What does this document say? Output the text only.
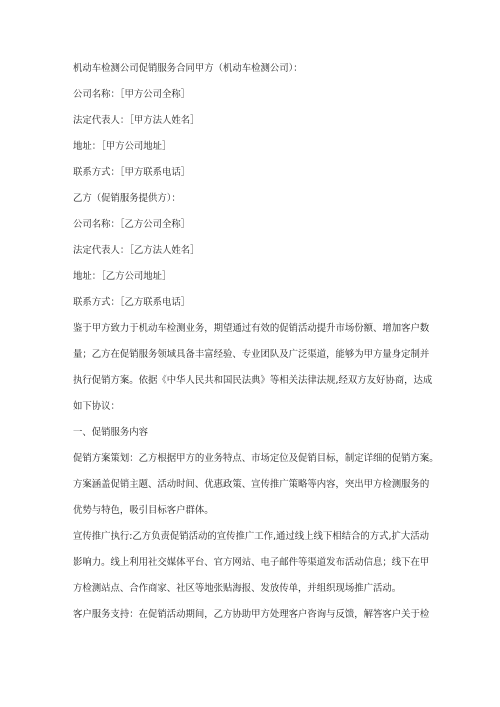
机动车检测公司促销服务合同甲方（机动车检测公司）：

公司名称：［甲方公司全称］

法定代表人：［甲方法人姓名］

地址：［甲方公司地址］

联系方式：［甲方联系电话］

乙方（促销服务提供方）：

公司名称：［乙方公司全称］

法定代表人：［乙方法人姓名］

地址：［乙方公司地址］

联系方式：［乙方联系电话］

鉴于甲方致力于机动车检测业务，期望通过有效的促销活动提升市场份额、增加客户数

量；乙方在促销服务领域具备丰富经验、专业团队及广泛渠道，能够为甲方量身定制并

执行促销方案。依据《中华人民共和国民法典》等相关法律法规,经双方友好协商，达成

如下协议：

一、促销服务内容

促销方案策划：乙方根据甲方的业务特点、市场定位及促销目标，制定详细的促销方案。

方案涵盖促销主题、活动时间、优惠政策、宣传推广策略等内容，突出甲方检测服务的

优势与特色，吸引目标客户群体。

宣传推广执行:乙方负责促销活动的宣传推广工作,通过线上线下相结合的方式,扩大活动

影响力。线上利用社交媒体平台、官方网站、电子邮件等渠道发布活动信息；线下在甲

方检测站点、合作商家、社区等地张贴海报、发放传单，并组织现场推广活动。

客户服务支持：在促销活动期间，乙方协助甲方处理客户咨询与反馈，解答客户关于检
